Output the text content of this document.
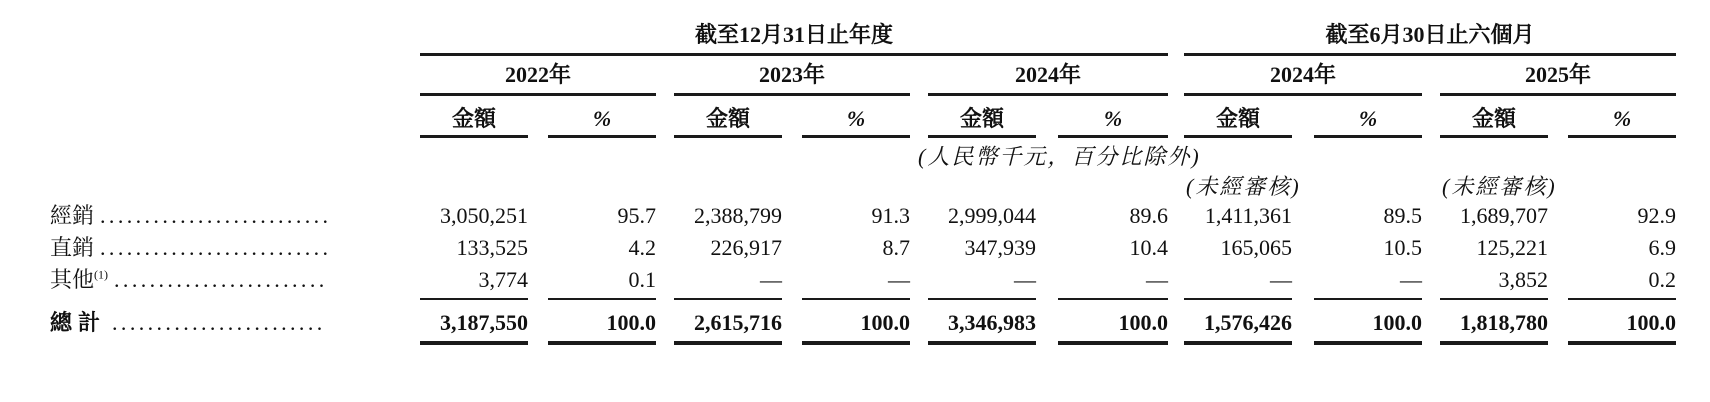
截至12月31日止年度	截至6月30日止六個月
2022年	2023年	2024年	2024年	2025年
金額	%	金額	%	金額	%	金額	%	金額	%
(人民幣千元，百分比除外)
(未經審核)	(未經審核)
經銷 ..........................	3,050,251	95.7	2,388,799	91.3	2,999,044	89.6	1,411,361	89.5	1,689,707	92.9
直銷 ..........................	133,525	4.2	226,917	8.7	347,939	10.4	165,065	10.5	125,221	6.9
其他$^{(1)}$ ........................	3,774	0.1	—	—	—	—	—	—	3,852	0.2
總計 ........................	3,187,550	100.0	2,615,716	100.0	3,346,983	100.0	1,576,426	100.0	1,818,780	100.0
